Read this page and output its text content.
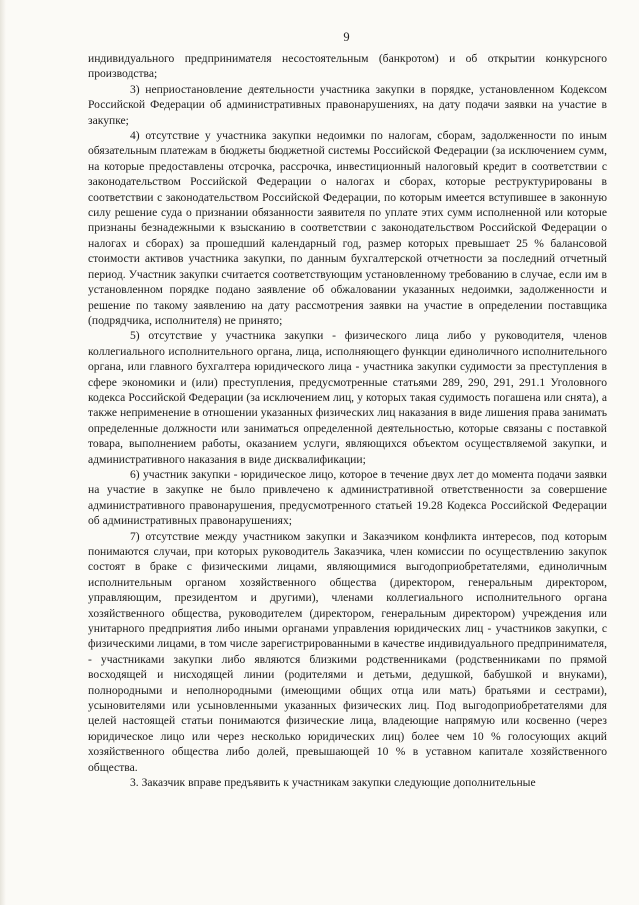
9

индивидуального предпринимателя несостоятельным (банкротом) и об открытии конкурсного производства;

3) неприостановление деятельности участника закупки в порядке, установленном Кодексом Российской Федерации об административных правонарушениях, на дату подачи заявки на участие в закупке;

4) отсутствие у участника закупки недоимки по налогам, сборам, задолженности по иным обязательным платежам в бюджеты бюджетной системы Российской Федерации (за исключением сумм, на которые предоставлены отсрочка, рассрочка, инвестиционный налоговый кредит в соответствии с законодательством Российской Федерации о налогах и сборах, которые реструктурированы в соответствии с законодательством Российской Федерации, по которым имеется вступившее в законную силу решение суда о признании обязанности заявителя по уплате этих сумм исполненной или которые признаны безнадежными к взысканию в соответствии с законодательством Российской Федерации о налогах и сборах) за прошедший календарный год, размер которых превышает 25 % балансовой стоимости активов участника закупки, по данным бухгалтерской отчетности за последний отчетный период. Участник закупки считается соответствующим установленному требованию в случае, если им в установленном порядке подано заявление об обжаловании указанных недоимки, задолженности и решение по такому заявлению на дату рассмотрения заявки на участие в определении поставщика (подрядчика, исполнителя) не принято;

5) отсутствие у участника закупки - физического лица либо у руководителя, членов коллегиального исполнительного органа, лица, исполняющего функции единоличного исполнительного органа, или главного бухгалтера юридического лица - участника закупки судимости за преступления в сфере экономики и (или) преступления, предусмотренные статьями 289, 290, 291, 291.1 Уголовного кодекса Российской Федерации (за исключением лиц, у которых такая судимость погашена или снята), а также неприменение в отношении указанных физических лиц наказания в виде лишения права занимать определенные должности или заниматься определенной деятельностью, которые связаны с поставкой товара, выполнением работы, оказанием услуги, являющихся объектом осуществляемой закупки, и административного наказания в виде дисквалификации;

6) участник закупки - юридическое лицо, которое в течение двух лет до момента подачи заявки на участие в закупке не было привлечено к административной ответственности за совершение административного правонарушения, предусмотренного статьей 19.28 Кодекса Российской Федерации об административных правонарушениях;

7) отсутствие между участником закупки и Заказчиком конфликта интересов, под которым понимаются случаи, при которых руководитель Заказчика, член комиссии по осуществлению закупок состоят в браке с физическими лицами, являющимися выгодоприобретателями, единоличным исполнительным органом хозяйственного общества (директором, генеральным директором, управляющим, президентом и другими), членами коллегиального исполнительного органа хозяйственного общества, руководителем (директором, генеральным директором) учреждения или унитарного предприятия либо иными органами управления юридических лиц - участников закупки, с физическими лицами, в том числе зарегистрированными в качестве индивидуального предпринимателя, - участниками закупки либо являются близкими родственниками (родственниками по прямой восходящей и нисходящей линии (родителями и детьми, дедушкой, бабушкой и внуками), полнородными и неполнородными (имеющими общих отца или мать) братьями и сестрами), усыновителями или усыновленными указанных физических лиц. Под выгодоприобретателями для целей настоящей статьи понимаются физические лица, владеющие напрямую или косвенно (через юридическое лицо или через несколько юридических лиц) более чем 10 % голосующих акций хозяйственного общества либо долей, превышающей 10 % в уставном капитале хозяйственного общества.

3. Заказчик вправе предъявить к участникам закупки следующие дополнительные
